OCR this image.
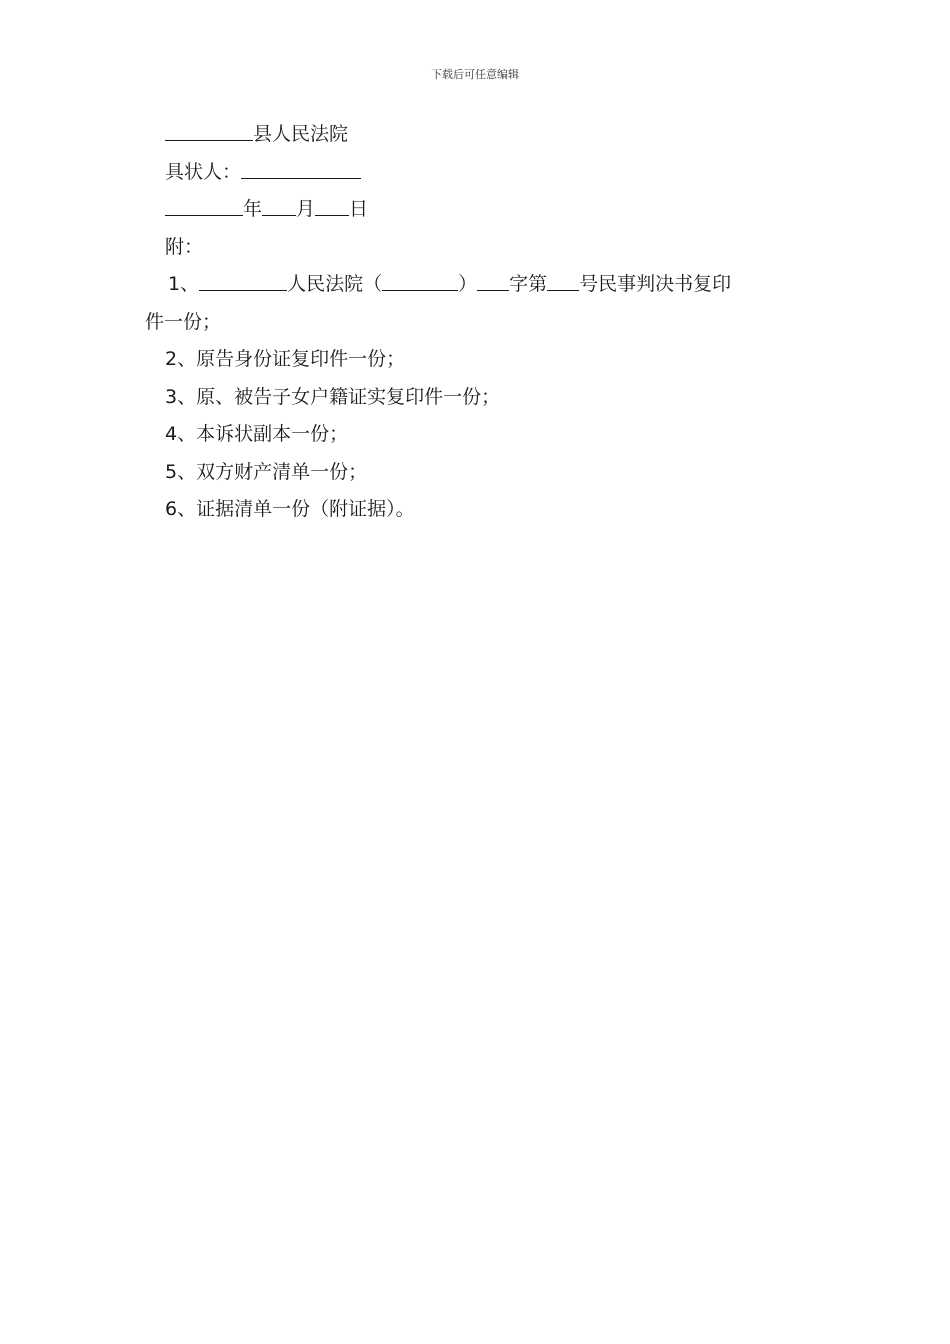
下载后可任意编辑
县人民法院
具状人：
年 月 日
附：
1、	人民法院（	） 字第 号民事判决书复印
件一份；
2、原告身份证复印件一份；
3、原、被告子女户籍证实复印件一份；
4、本诉状副本一份；
5、双方财产清单一份；
6、证据清单一份（附证据）。
